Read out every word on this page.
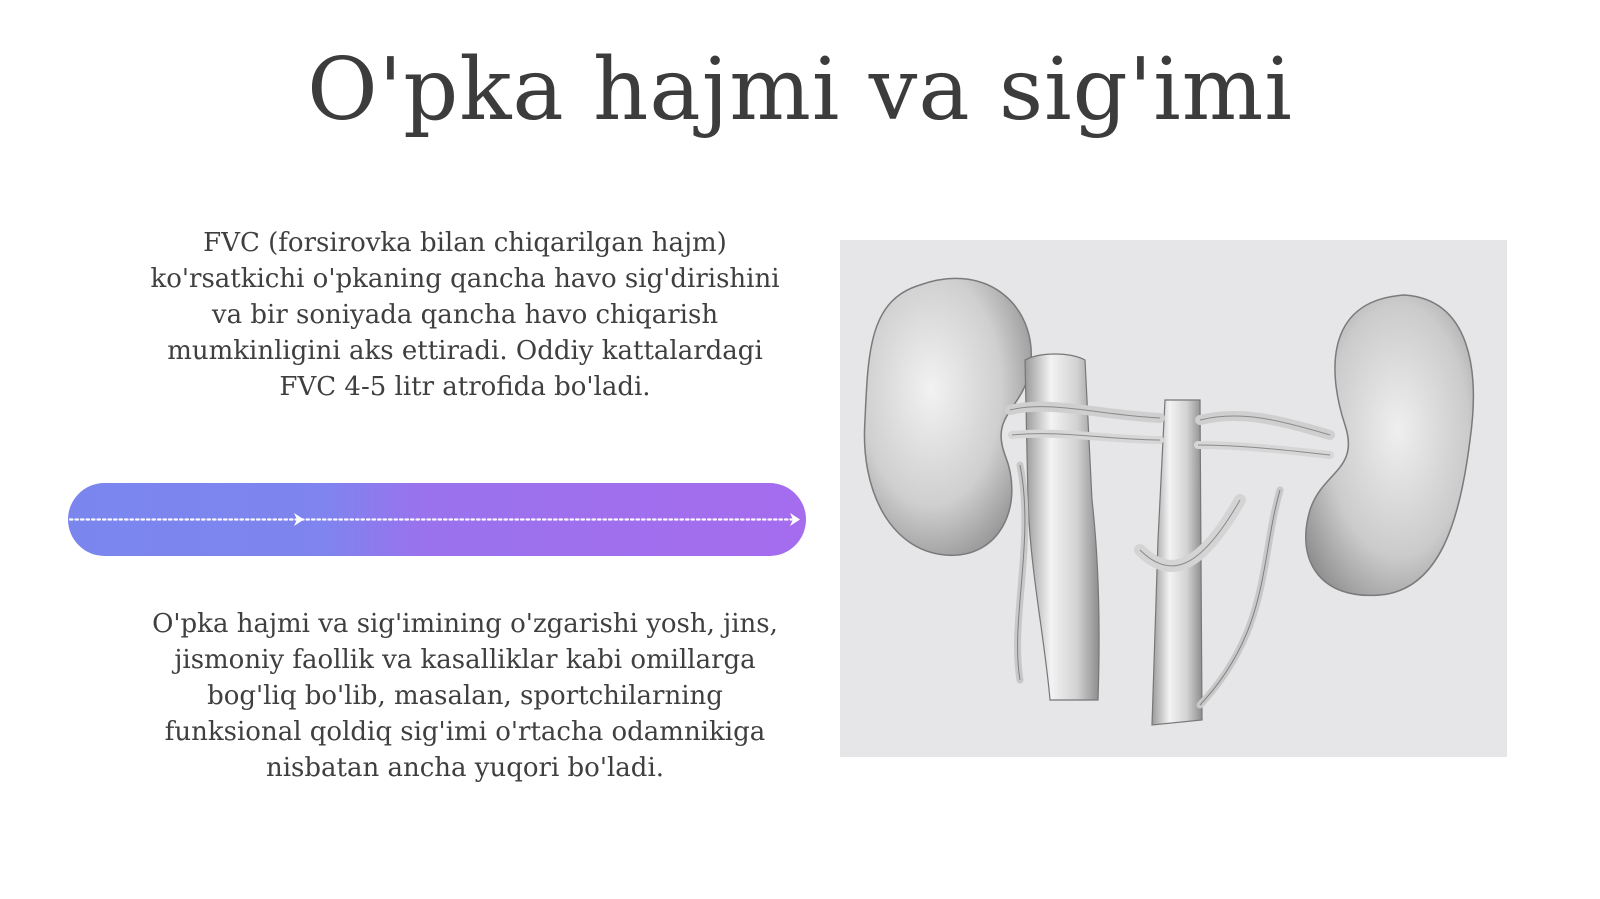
O'pka hajmi va sig'imi

FVC (forsirovka bilan chiqarilgan hajm) ko'rsatkichi o'pkaning qancha havo sig'dirishini va bir soniyada qancha havo chiqarish mumkinligini aks ettiradi. Oddiy kattalardagi FVC 4-5 litr atrofida bo'ladi.

O'pka hajmi va sig'imining o'zgarishi yosh, jins, jismoniy faollik va kasalliklar kabi omillarga bog'liq bo'lib, masalan, sportchilarning funksional qoldiq sig'imi o'rtacha odamnikiga nisbatan ancha yuqori bo'ladi.
